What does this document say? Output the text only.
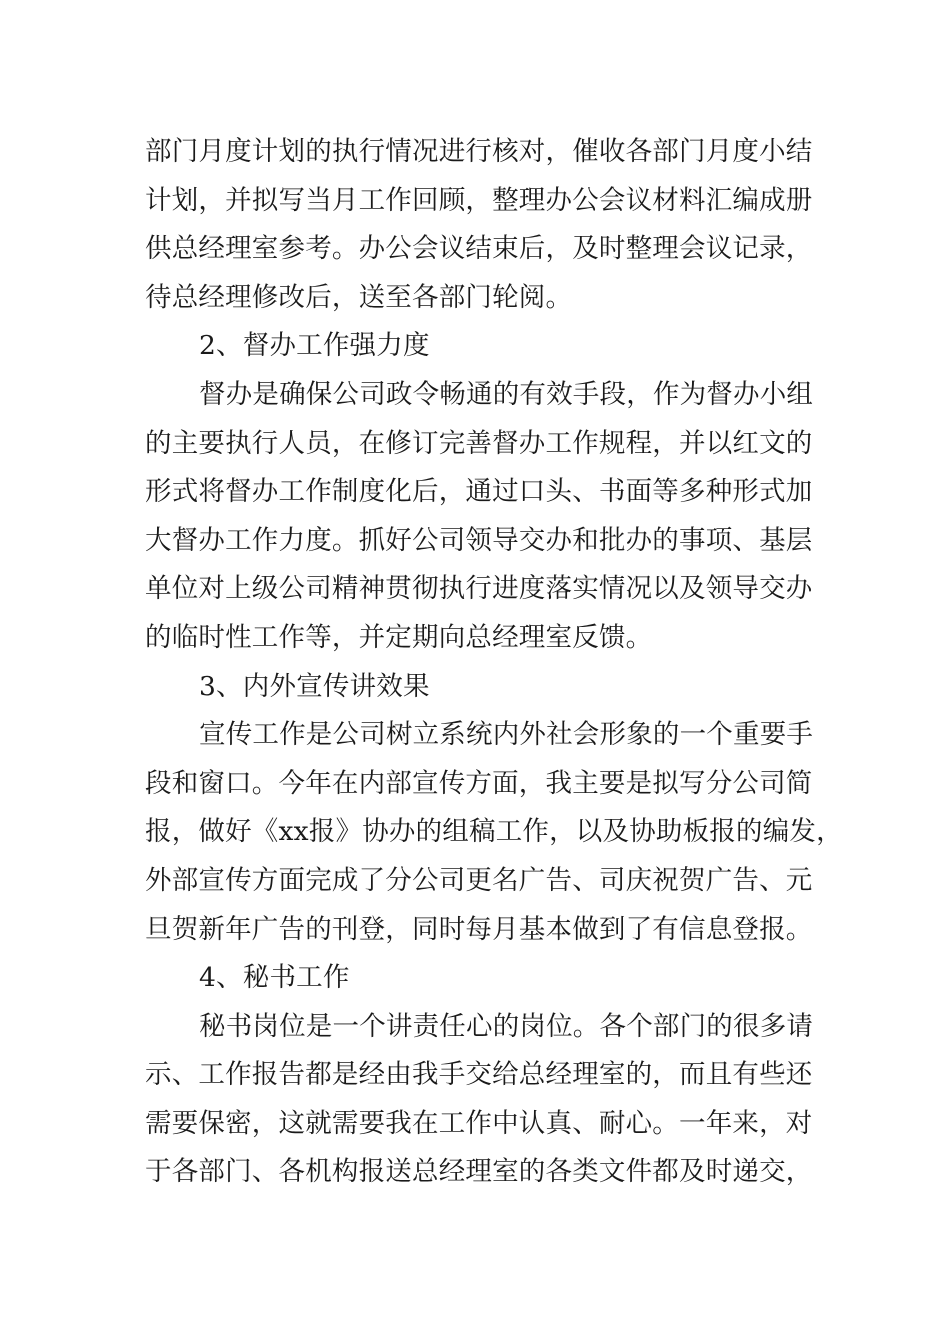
部门月度计划的执行情况进行核对，催收各部门月度小结
计划，并拟写当月工作回顾，整理办公会议材料汇编成册
供总经理室参考。办公会议结束后，及时整理会议记录，
待总经理修改后，送至各部门轮阅。
2、督办工作强力度
督办是确保公司政令畅通的有效手段，作为督办小组
的主要执行人员，在修订完善督办工作规程，并以红文的
形式将督办工作制度化后，通过口头、书面等多种形式加
大督办工作力度。抓好公司领导交办和批办的事项、基层
单位对上级公司精神贯彻执行进度落实情况以及领导交办
的临时性工作等，并定期向总经理室反馈。
3、内外宣传讲效果
宣传工作是公司树立系统内外社会形象的一个重要手
段和窗口。今年在内部宣传方面，我主要是拟写分公司简
报，做好《xx报》协办的组稿工作，以及协助板报的编发，
外部宣传方面完成了分公司更名广告、司庆祝贺广告、元
旦贺新年广告的刊登，同时每月基本做到了有信息登报。
4、秘书工作
秘书岗位是一个讲责任心的岗位。各个部门的很多请
示、工作报告都是经由我手交给总经理室的，而且有些还
需要保密，这就需要我在工作中认真、耐心。一年来，对
于各部门、各机构报送总经理室的各类文件都及时递交，
